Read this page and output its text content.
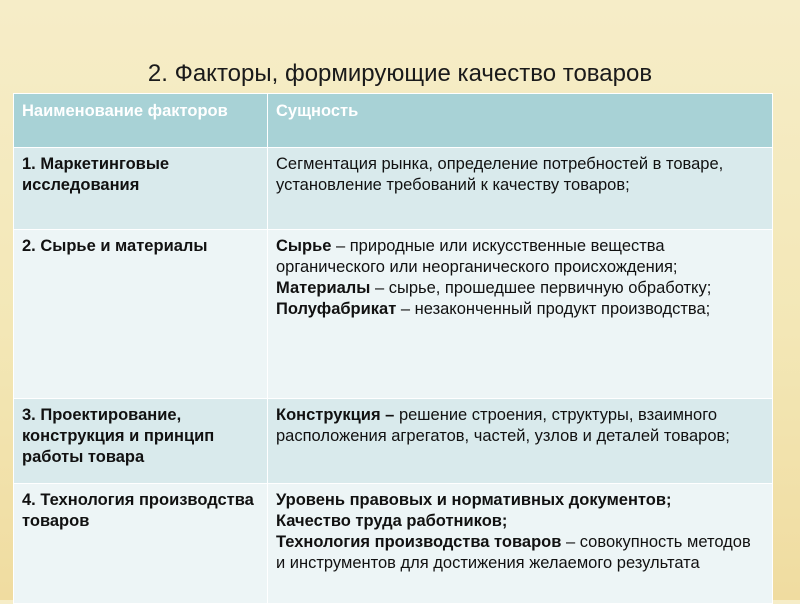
2. Факторы, формирующие качество товаров
Наименование факторов	Сущность
1. Маркетинговые исследования	Сегментация рынка, определение потребностей в товаре, установление требований к качеству товаров;
2. Сырье и материалы	Сырье – природные или искусственные вещества органического или неорганического происхождения;
Материалы – сырье, прошедшее первичную обработку;
Полуфабрикат – незаконченный продукт производства;

3. Проектирование, конструкция и принцип работы товара	Конструкция – решение строения, структуры, взаимного расположения агрегатов, частей, узлов и деталей товаров;

4. Технология производства товаров	Уровень правовых и нормативных документов;
Качество труда работников;
Технология производства товаров – совокупность методов и инструментов для достижения желаемого результата
